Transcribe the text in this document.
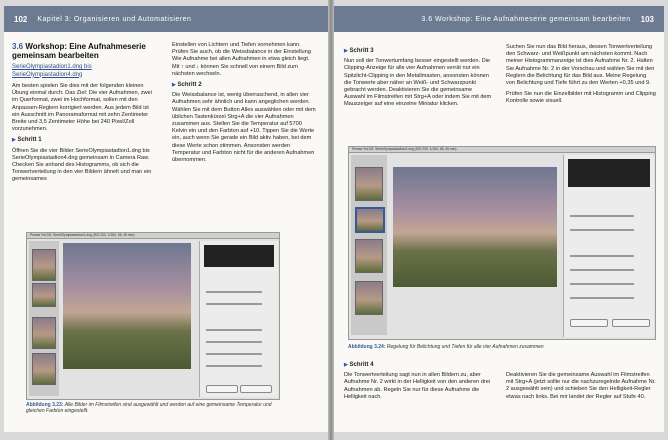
102	Kapitel 3: Organisieren und Automatisieren
3.6 Workshop: Eine Aufnahmeserie gemeinsam bearbeiten
SerieOlympiastadion1.dng bis
SerieOlympiastadion4.dng

Am besten spielen Sie dies mit der folgenden kleinen Übung einmal durch. Das Ziel: Die vier Aufnahmen, zwei im Querformat, zwei im Hochformat, sollen mit den Anpassen-Reglern korrigiert werden. Aus jedem Bild ist ein Ausschnitt im Panoramaformat mit zehn Zentimeter Breite und 3,5 Zentimeter Höhe bei 240 Pixel/Zoll vorzunehmen.

▶ Schritt 1

Öffnen Sie die vier Bilder SerieOlympiastadion1.dng bis SerieOlympiastadion4.dng gemeinsam in Camera Raw. Checken Sie anhand des Histogramms, ob sich die Tonwertverteilung in den vier Bildern ähnelt und man ein gemeinsames

Einstellen von Lichtern und Tiefen vornehmen kann. Prüfen Sie auch, ob die Weissbalance in der Einstellung Wie Aufnahme bei allen Aufnahmen in etwa gleich liegt. Mit ↑ und ↓ können Sie schnell von einem Bild zum nächsten wechseln.

▶ Schritt 2

Die Weissbalance ist, wenig überraschend, in allen vier Aufnahmen sehr ähnlich und kann angeglichen werden. Wählen Sie mit dem Button Alles auswählen oder mit dem üblichen Tastenkürzel Strg+A die vier Aufnahmen zusammen aus. Stellen Sie die Temperatur auf 5700 Kelvin ein und den Farbton auf +10. Tippen Sie die Werte ein, auch wenn Sie gerade ein Bild aktiv haben, bei dem diese Werte schon stimmen. Ansonsten werden Temperatur und Farbton nicht für die anderen Aufnahmen übernommen.

Pentax *ist DS: SerieOlympiastadion1.dng (ISO 200, 1/160, f/8, 45 mm)
Abbildung 3.23: Alle Bilder im Filmstreifen sind ausgewählt und werden auf eine gemeinsame Temperatur und gleichen Farbton eingestellt.
3.6 Workshop: Eine Aufnahmeserie gemeinsam bearbeiten	103
▶ Schritt 3

Nun soll der Tonwertumfang besser eingestellt werden. Die Clipping-Anzeige für alle vier Aufnahmen verrät nur ein Spitzlicht-Clipping in den Metallmasten, ansonsten können die Tonwerte aber näher an Weiß- und Schwarzpunkt gebracht werden. Deaktivieren Sie die gemeinsame Auswahl im Filmstreifen mit Strg+A oder indem Sie mit dem Mauszeiger auf eine einzelne Miniatur klicken.

Suchen Sie nun das Bild heraus, dessen Tonwertverteilung den Schwarz- und Weißpunkt am nächsten kommt. Nach meiner Histogrammanzeige ist dies Aufnahme Nr. 2. Halten Sie Aufnahme Nr. 2 in der Vorschau und wählen Sie mit den Reglern die Belichtung für das Bild aus. Meine Regelung von Belichtung und Tiefe führt zu den Werten +0,35 und 9.

Prüfen Sie nun die Einzelbilder mit Histogramm und Clipping Kontrolle sowie visuell.

Pentax *ist DS: SerieOlympiastadion2.dng (ISO 200, 1/160, f/8, 45 mm)
Abbildung 3.24: Regelung für Belichtung und Tiefen für alle vier Aufnahmen zusammen
▶ Schritt 4

Die Tonwertverteilung sagt nun in allen Bildern zu, aber Aufnahme Nr. 2 wirkt in der Helligkeit von den anderen drei Aufnahmen ab. Regeln Sie nur für diese Aufnahme die Helligkeit nach.

Deaktivieren Sie die gemeinsame Auswahl im Filmstreifen mit Strg+A (jetzt sollte nur die nachzuregelnde Aufnahme Nr. 2 ausgewählt sein) und schieben Sie den Helligkeit-Regler etwas nach links. Bei mir landet der Regler auf Stufe 40.
